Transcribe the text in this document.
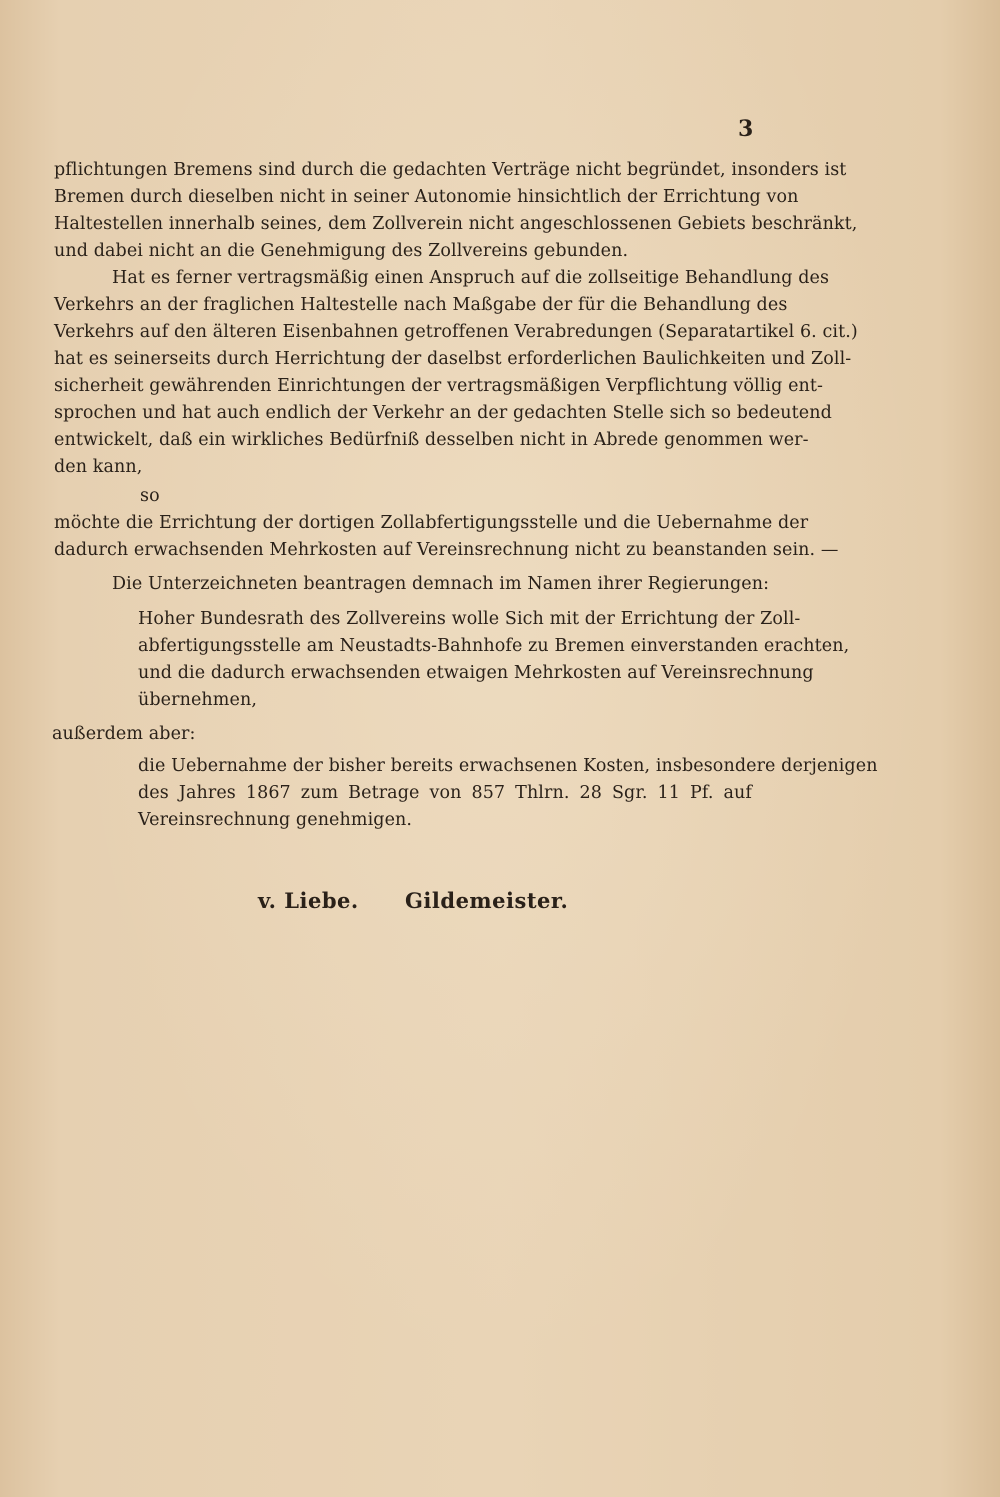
3
pflichtungen Bremens sind durch die gedachten Verträge nicht begründet, insonders ist
Bremen durch dieselben nicht in seiner Autonomie hinsichtlich der Errichtung von
Haltestellen innerhalb seines, dem Zollverein nicht angeschlossenen Gebiets beschränkt,
und dabei nicht an die Genehmigung des Zollvereins gebunden.
Hat es ferner vertragsmäßig einen Anspruch auf die zollseitige Behandlung des
Verkehrs an der fraglichen Haltestelle nach Maßgabe der für die Behandlung des
Verkehrs auf den älteren Eisenbahnen getroffenen Verabredungen (Separatartikel 6. cit.)
hat es seinerseits durch Herrichtung der daselbst erforderlichen Baulichkeiten und Zoll-
sicherheit gewährenden Einrichtungen der vertragsmäßigen Verpflichtung völlig ent-
sprochen und hat auch endlich der Verkehr an der gedachten Stelle sich so bedeutend
entwickelt, daß ein wirkliches Bedürfniß desselben nicht in Abrede genommen wer-
den kann,
so
möchte die Errichtung der dortigen Zollabfertigungsstelle und die Uebernahme der
dadurch erwachsenden Mehrkosten auf Vereinsrechnung nicht zu beanstanden sein. —
Die Unterzeichneten beantragen demnach im Namen ihrer Regierungen:
Hoher Bundesrath des Zollvereins wolle Sich mit der Errichtung der Zoll-
abfertigungsstelle am Neustadts-Bahnhofe zu Bremen einverstanden erachten,
und die dadurch erwachsenden etwaigen Mehrkosten auf Vereinsrechnung
übernehmen,
außerdem aber:
die Uebernahme der bisher bereits erwachsenen Kosten, insbesondere derjenigen
des Jahres 1867 zum Betrage von 857 Thlrn. 28 Sgr. 11 Pf. auf
Vereinsrechnung genehmigen.
v. Liebe. Gildemeister.
